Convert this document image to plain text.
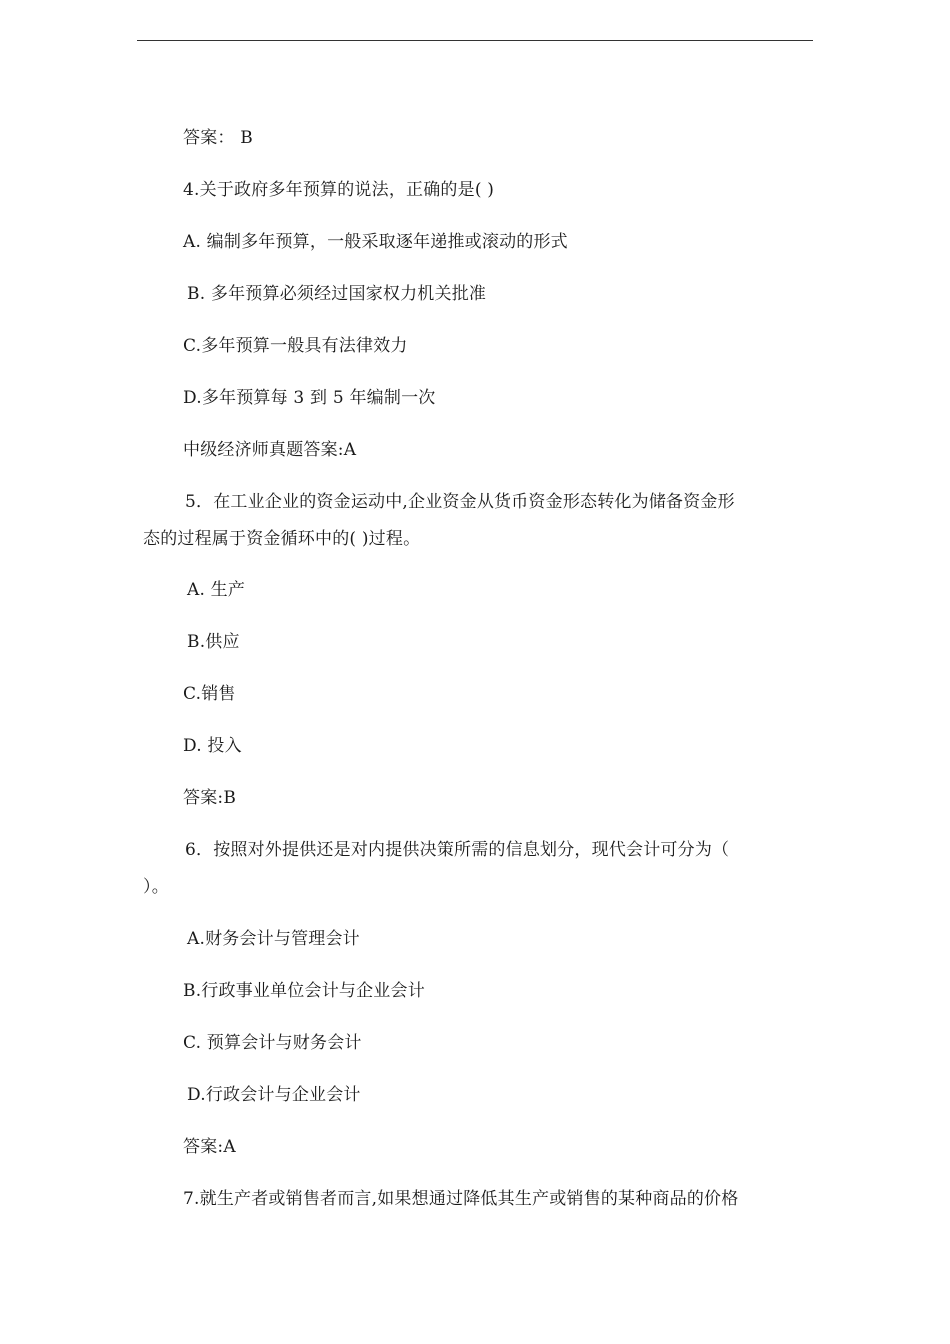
答案： B
4.关于政府多年预算的说法，正确的是( )
A. 编制多年预算，一般采取逐年递推或滚动的形式
B. 多年预算必须经过国家权力机关批准
C.多年预算一般具有法律效力
D.多年预算每 3 到 5 年编制一次
中级经济师真题答案:A
5．在工业企业的资金运动中,企业资金从货币资金形态转化为储备资金形
态的过程属于资金循环中的( )过程。
A. 生产
B.供应
C.销售
D. 投入
答案:B
6．按照对外提供还是对内提供决策所需的信息划分，现代会计可分为（
）。
A.财务会计与管理会计
B.行政事业单位会计与企业会计
C. 预算会计与财务会计
D.行政会计与企业会计
答案:A
7.就生产者或销售者而言,如果想通过降低其生产或销售的某种商品的价格
